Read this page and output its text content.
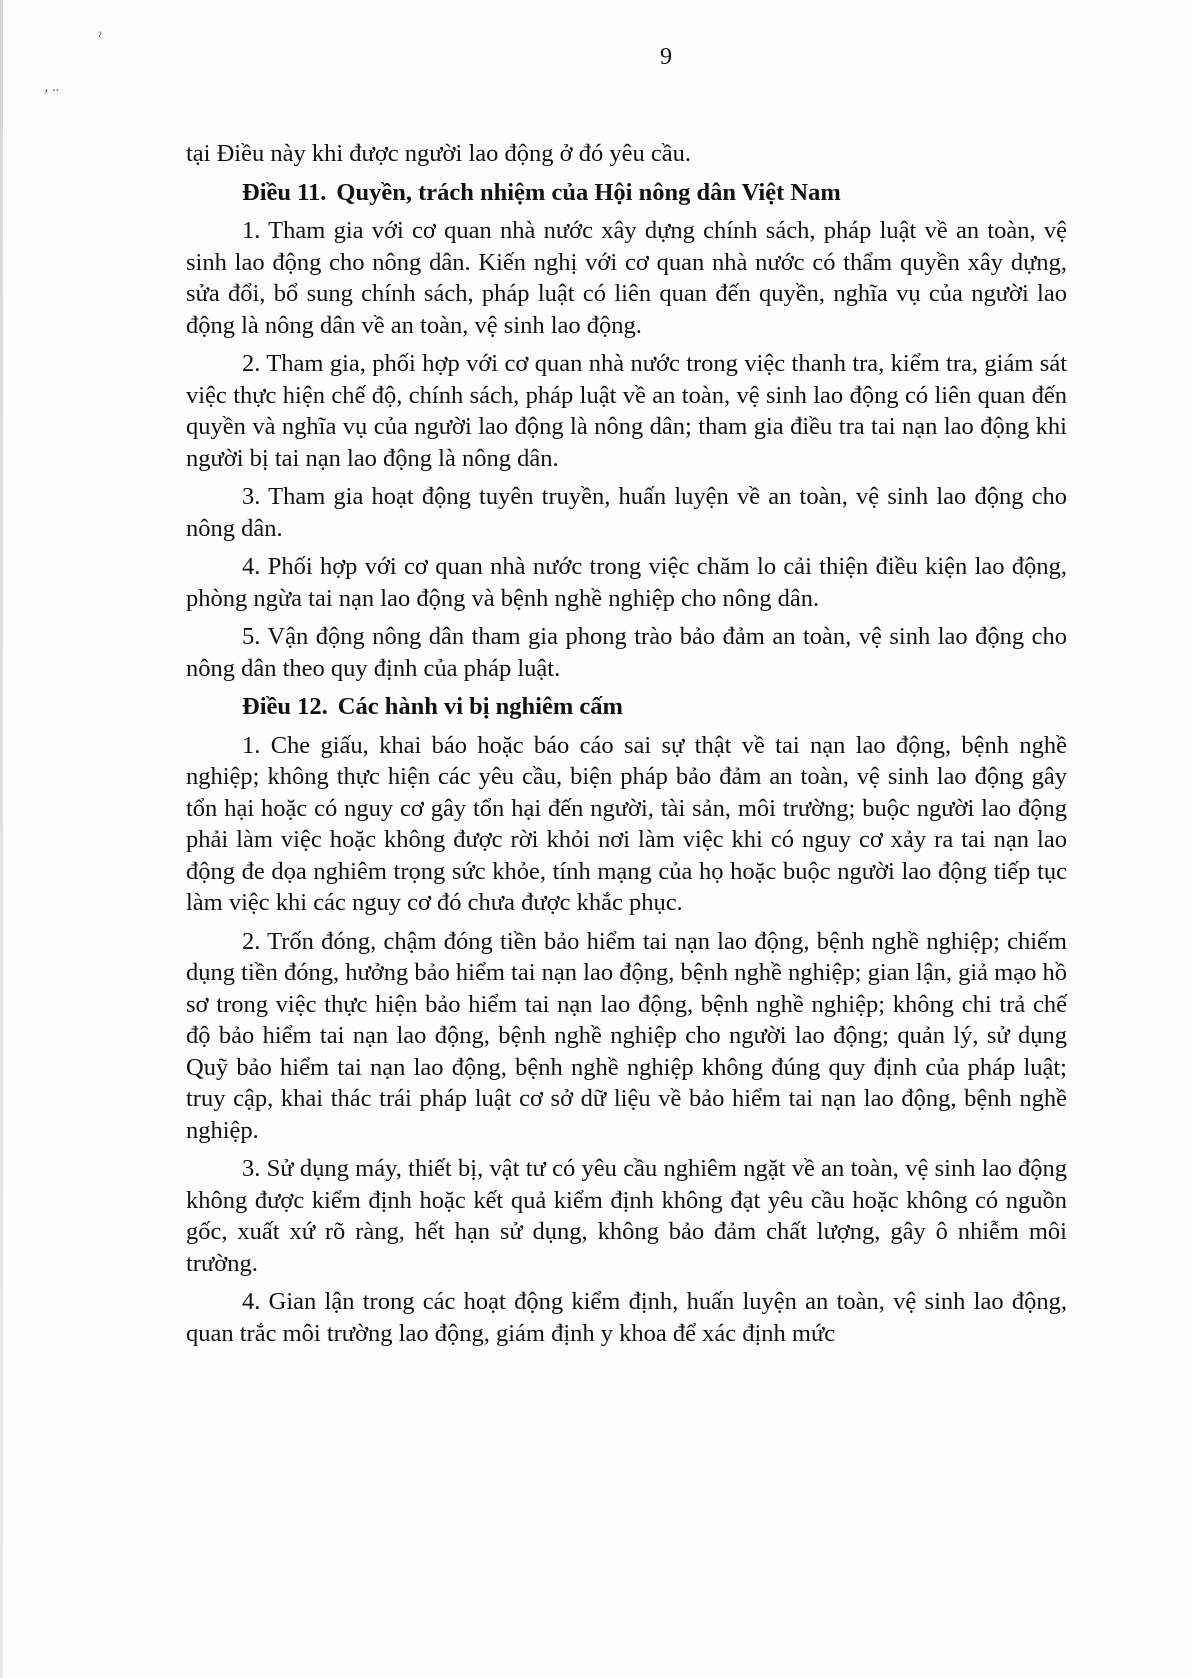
ˀ
‚ ..
9

tại Điều này khi được người lao động ở đó yêu cầu.

Điều 11. Quyền, trách nhiệm của Hội nông dân Việt Nam

1. Tham gia với cơ quan nhà nước xây dựng chính sách, pháp luật về an toàn, vệ sinh lao động cho nông dân. Kiến nghị với cơ quan nhà nước có thẩm quyền xây dựng, sửa đổi, bổ sung chính sách, pháp luật có liên quan đến quyền, nghĩa vụ của người lao động là nông dân về an toàn, vệ sinh lao động.

2. Tham gia, phối hợp với cơ quan nhà nước trong việc thanh tra, kiểm tra, giám sát việc thực hiện chế độ, chính sách, pháp luật về an toàn, vệ sinh lao động có liên quan đến quyền và nghĩa vụ của người lao động là nông dân; tham gia điều tra tai nạn lao động khi người bị tai nạn lao động là nông dân.

3. Tham gia hoạt động tuyên truyền, huấn luyện về an toàn, vệ sinh lao động cho nông dân.

4. Phối hợp với cơ quan nhà nước trong việc chăm lo cải thiện điều kiện lao động, phòng ngừa tai nạn lao động và bệnh nghề nghiệp cho nông dân.

5. Vận động nông dân tham gia phong trào bảo đảm an toàn, vệ sinh lao động cho nông dân theo quy định của pháp luật.

Điều 12. Các hành vi bị nghiêm cấm

1. Che giấu, khai báo hoặc báo cáo sai sự thật về tai nạn lao động, bệnh nghề nghiệp; không thực hiện các yêu cầu, biện pháp bảo đảm an toàn, vệ sinh lao động gây tổn hại hoặc có nguy cơ gây tổn hại đến người, tài sản, môi trường; buộc người lao động phải làm việc hoặc không được rời khỏi nơi làm việc khi có nguy cơ xảy ra tai nạn lao động đe dọa nghiêm trọng sức khỏe, tính mạng của họ hoặc buộc người lao động tiếp tục làm việc khi các nguy cơ đó chưa được khắc phục.

2. Trốn đóng, chậm đóng tiền bảo hiểm tai nạn lao động, bệnh nghề nghiệp; chiếm dụng tiền đóng, hưởng bảo hiểm tai nạn lao động, bệnh nghề nghiệp; gian lận, giả mạo hồ sơ trong việc thực hiện bảo hiểm tai nạn lao động, bệnh nghề nghiệp; không chi trả chế độ bảo hiểm tai nạn lao động, bệnh nghề nghiệp cho người lao động; quản lý, sử dụng Quỹ bảo hiểm tai nạn lao động, bệnh nghề nghiệp không đúng quy định của pháp luật; truy cập, khai thác trái pháp luật cơ sở dữ liệu về bảo hiểm tai nạn lao động, bệnh nghề nghiệp.

3. Sử dụng máy, thiết bị, vật tư có yêu cầu nghiêm ngặt về an toàn, vệ sinh lao động không được kiểm định hoặc kết quả kiểm định không đạt yêu cầu hoặc không có nguồn gốc, xuất xứ rõ ràng, hết hạn sử dụng, không bảo đảm chất lượng, gây ô nhiễm môi trường.

4. Gian lận trong các hoạt động kiểm định, huấn luyện an toàn, vệ sinh lao động, quan trắc môi trường lao động, giám định y khoa để xác định mức
